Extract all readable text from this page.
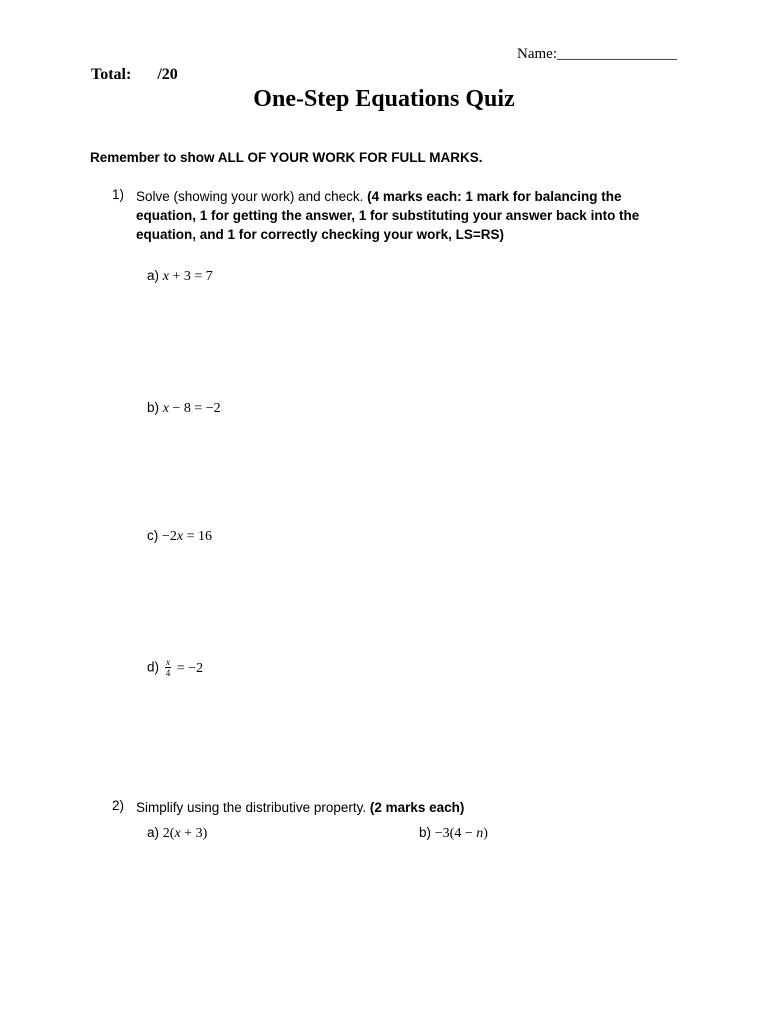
Name:________________
Total: /20
One-Step Equations Quiz
Remember to show ALL OF YOUR WORK FOR FULL MARKS.
1) Solve (showing your work) and check. (4 marks each: 1 mark for balancing the equation, 1 for getting the answer, 1 for substituting your answer back into the equation, and 1 for correctly checking your work, LS=RS)
a) x + 3 = 7
b) x − 8 = −2
c) −2x = 16
$d) \frac{x}{4} = -2$
2) Simplify using the distributive property. (2 marks each)
a) 2(x + 3)	b) −3(4 − n)
